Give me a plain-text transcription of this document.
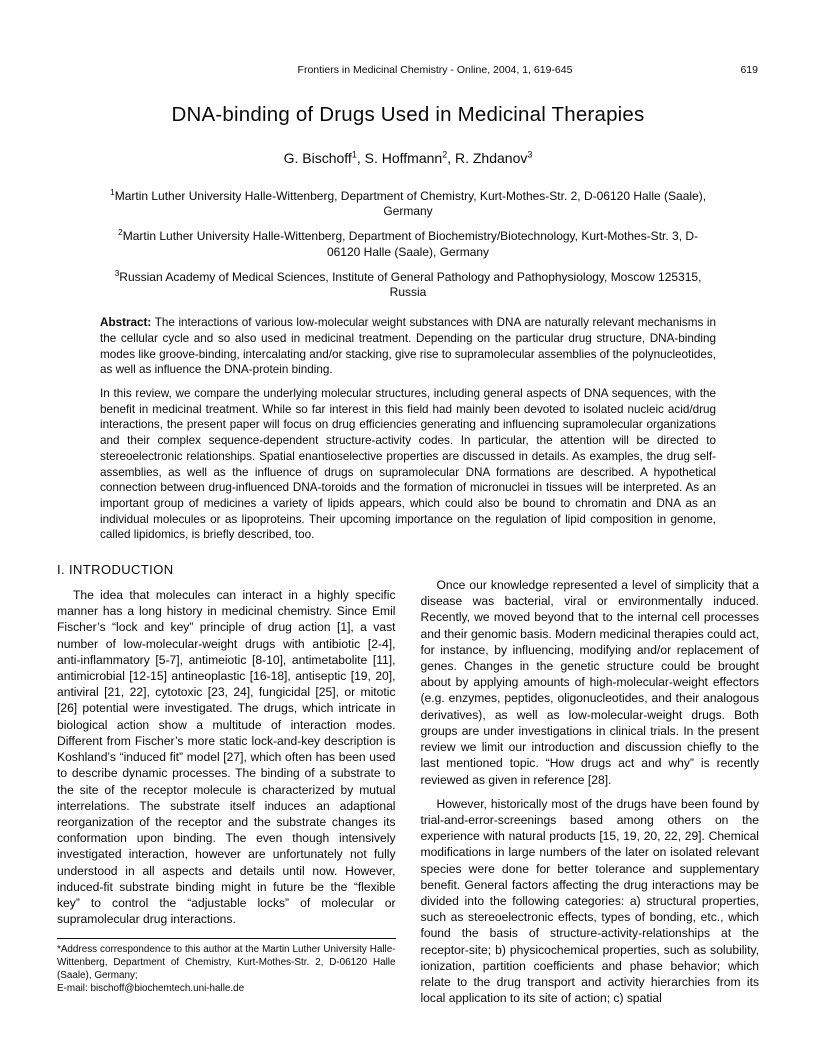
Frontiers in Medicinal Chemistry - Online, 2004, 1, 619-645	619
DNA-binding of Drugs Used in Medicinal Therapies
G. Bischoff$^1$, S. Hoffmann$^2$, R. Zhdanov$^3$
$^1$Martin Luther University Halle-Wittenberg, Department of Chemistry, Kurt-Mothes-Str. 2, D-06120 Halle (Saale), Germany
$^2$Martin Luther University Halle-Wittenberg, Department of Biochemistry/Biotechnology, Kurt-Mothes-Str. 3, D-06120 Halle (Saale), Germany
$^3$Russian Academy of Medical Sciences, Institute of General Pathology and Pathophysiology, Moscow 125315, Russia

Abstract: The interactions of various low-molecular weight substances with DNA are naturally relevant mechanisms in the cellular cycle and so also used in medicinal treatment. Depending on the particular drug structure, DNA-binding modes like groove-binding, intercalating and/or stacking, give rise to supramolecular assemblies of the polynucleotides, as well as influence the DNA-protein binding.

In this review, we compare the underlying molecular structures, including general aspects of DNA sequences, with the benefit in medicinal treatment. While so far interest in this field had mainly been devoted to isolated nucleic acid/drug interactions, the present paper will focus on drug efficiencies generating and influencing supramolecular organizations and their complex sequence-dependent structure-activity codes. In particular, the attention will be directed to stereoelectronic relationships. Spatial enantioselective properties are discussed in details. As examples, the drug self-assemblies, as well as the influence of drugs on supramolecular DNA formations are described. A hypothetical connection between drug-influenced DNA-toroids and the formation of micronuclei in tissues will be interpreted. As an important group of medicines a variety of lipids appears, which could also be bound to chromatin and DNA as an individual molecules or as lipoproteins. Their upcoming importance on the regulation of lipid composition in genome, called lipidomics, is briefly described, too.

I. INTRODUCTION

The idea that molecules can interact in a highly specific manner has a long history in medicinal chemistry. Since Emil Fischer’s “lock and key” principle of drug action [1], a vast number of low-molecular-weight drugs with antibiotic [2-4], anti-inflammatory [5-7], antimeiotic [8-10], antimetabolite [11], antimicrobial [12-15] antineoplastic [16-18], antiseptic [19, 20], antiviral [21, 22], cytotoxic [23, 24], fungicidal [25], or mitotic [26] potential were investigated. The drugs, which intricate in biological action show a multitude of interaction modes. Different from Fischer’s more static lock-and-key description is Koshland’s “induced fit” model [27], which often has been used to describe dynamic processes. The binding of a substrate to the site of the receptor molecule is characterized by mutual interrelations. The substrate itself induces an adaptional reorganization of the receptor and the substrate changes its conformation upon binding. The even though intensively investigated interaction, however are unfortunately not fully understood in all aspects and details until now. However, induced-fit substrate binding might in future be the “flexible key” to control the “adjustable locks” of molecular or supramolecular drug interactions.

*Address correspondence to this author at the Martin Luther University Halle-Wittenberg, Department of Chemistry, Kurt-Mothes-Str. 2, D-06120 Halle (Saale), Germany;

E-mail: bischoff@biochemtech.uni-halle.de

Once our knowledge represented a level of simplicity that a disease was bacterial, viral or environmentally induced. Recently, we moved beyond that to the internal cell processes and their genomic basis. Modern medicinal therapies could act, for instance, by influencing, modifying and/or replacement of genes. Changes in the genetic structure could be brought about by applying amounts of high-molecular-weight effectors (e.g. enzymes, peptides, oligonucleotides, and their analogous derivatives), as well as low-molecular-weight drugs. Both groups are under investigations in clinical trials. In the present review we limit our introduction and discussion chiefly to the last mentioned topic. “How drugs act and why” is recently reviewed as given in reference [28].

However, historically most of the drugs have been found by trial-and-error-screenings based among others on the experience with natural products [15, 19, 20, 22, 29]. Chemical modifications in large numbers of the later on isolated relevant species were done for better tolerance and supplementary benefit. General factors affecting the drug interactions may be divided into the following categories: a) structural properties, such as stereoelectronic effects, types of bonding, etc., which found the basis of structure-activity-relationships at the receptor-site; b) physicochemical properties, such as solubility, ionization, partition coefficients and phase behavior; which relate to the drug transport and activity hierarchies from its local application to its site of action; c) spatial
